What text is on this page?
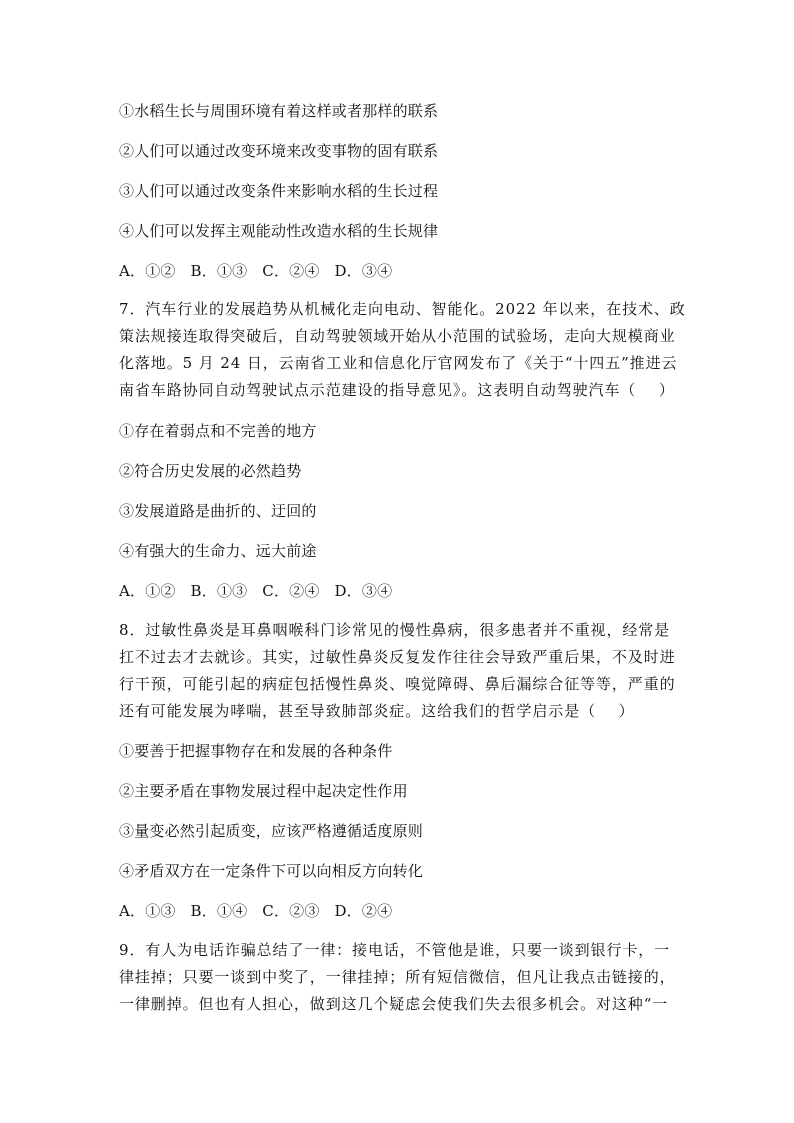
①水稻生长与周围环境有着这样或者那样的联系
②人们可以通过改变环境来改变事物的固有联系
③人们可以通过改变条件来影响水稻的生长过程
④人们可以发挥主观能动性改造水稻的生长规律
A．①②   B．①③   C．②④   D．③④
7．汽车行业的发展趋势从机械化走向电动、智能化。2022 年以来，在技术、政
策法规接连取得突破后，自动驾驶领域开始从小范围的试验场，走向大规模商业
化落地。5 月 24 日，云南省工业和信息化厅官网发布了《关于“十四五”推进云
南省车路协同自动驾驶试点示范建设的指导意见》。这表明自动驾驶汽车（    ）
①存在着弱点和不完善的地方
②符合历史发展的必然趋势
③发展道路是曲折的、迂回的
④有强大的生命力、远大前途
A．①②   B．①③   C．②④   D．③④
8．过敏性鼻炎是耳鼻咽喉科门诊常见的慢性鼻病，很多患者并不重视，经常是
扛不过去才去就诊。其实，过敏性鼻炎反复发作往往会导致严重后果，不及时进
行干预，可能引起的病症包括慢性鼻炎、嗅觉障碍、鼻后漏综合征等等，严重的
还有可能发展为哮喘，甚至导致肺部炎症。这给我们的哲学启示是（    ）
①要善于把握事物存在和发展的各种条件
②主要矛盾在事物发展过程中起决定性作用
③量变必然引起质变，应该严格遵循适度原则
④矛盾双方在一定条件下可以向相反方向转化
A．①③   B．①④   C．②③   D．②④
9．有人为电话诈骗总结了一律：接电话，不管他是谁，只要一谈到银行卡，一
律挂掉；只要一谈到中奖了，一律挂掉；所有短信微信，但凡让我点击链接的，
一律删掉。但也有人担心，做到这几个疑虑会使我们失去很多机会。对这种“一
